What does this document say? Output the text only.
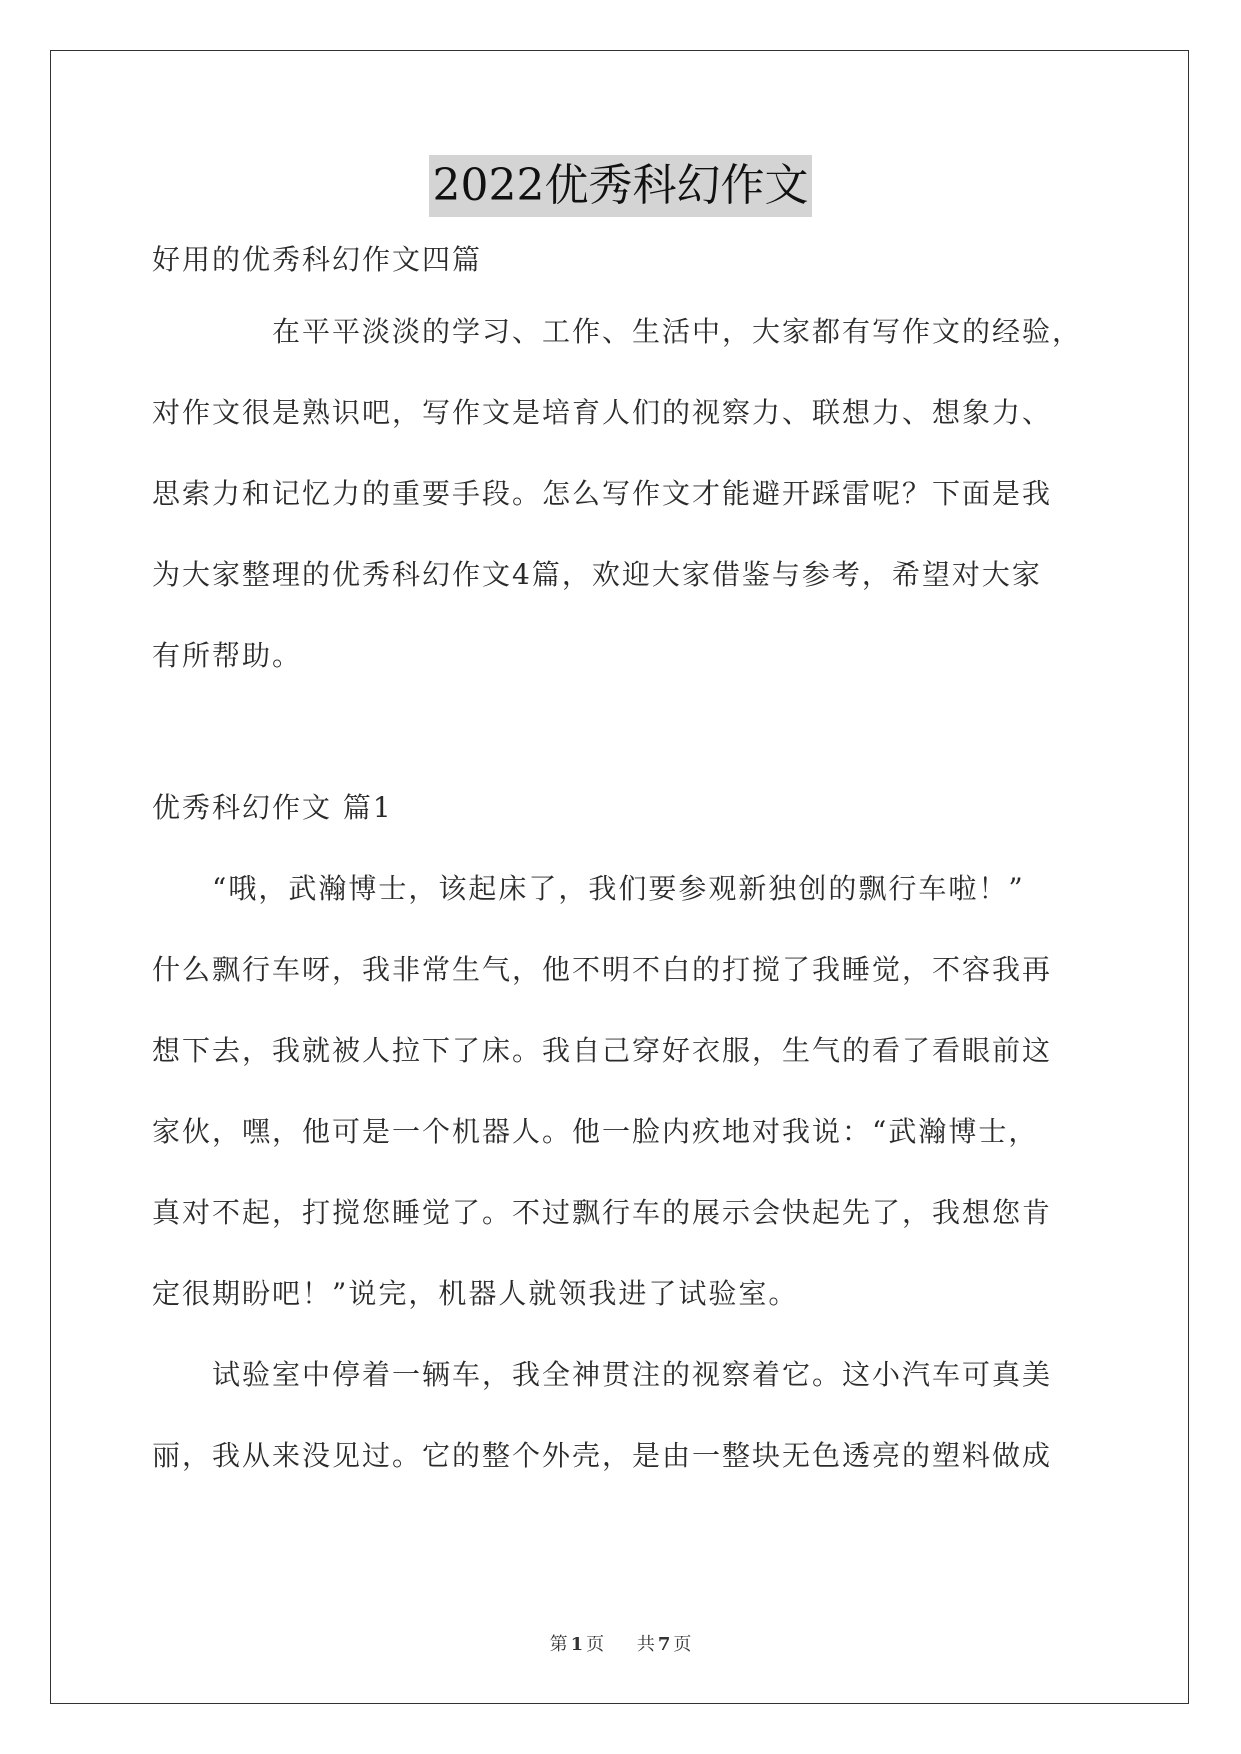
2022优秀科幻作文
好用的优秀科幻作文四篇
　　　　在平平淡淡的学习、工作、生活中，大家都有写作文的经验，
对作文很是熟识吧，写作文是培育人们的视察力、联想力、想象力、
思索力和记忆力的重要手段。怎么写作文才能避开踩雷呢？下面是我
为大家整理的优秀科幻作文4篇，欢迎大家借鉴与参考，希望对大家
有所帮助。
优秀科幻作文 篇1
　　“哦，武瀚博士，该起床了，我们要参观新独创的飘行车啦！”
什么飘行车呀，我非常生气，他不明不白的打搅了我睡觉，不容我再
想下去，我就被人拉下了床。我自己穿好衣服，生气的看了看眼前这
家伙，嘿，他可是一个机器人。他一脸内疚地对我说：“武瀚博士，
真对不起，打搅您睡觉了。不过飘行车的展示会快起先了，我想您肯
定很期盼吧！”说完，机器人就领我进了试验室。
　　试验室中停着一辆车，我全神贯注的视察着它。这小汽车可真美
丽，我从来没见过。它的整个外壳，是由一整块无色透亮的塑料做成
第 1 页 共 7 页
